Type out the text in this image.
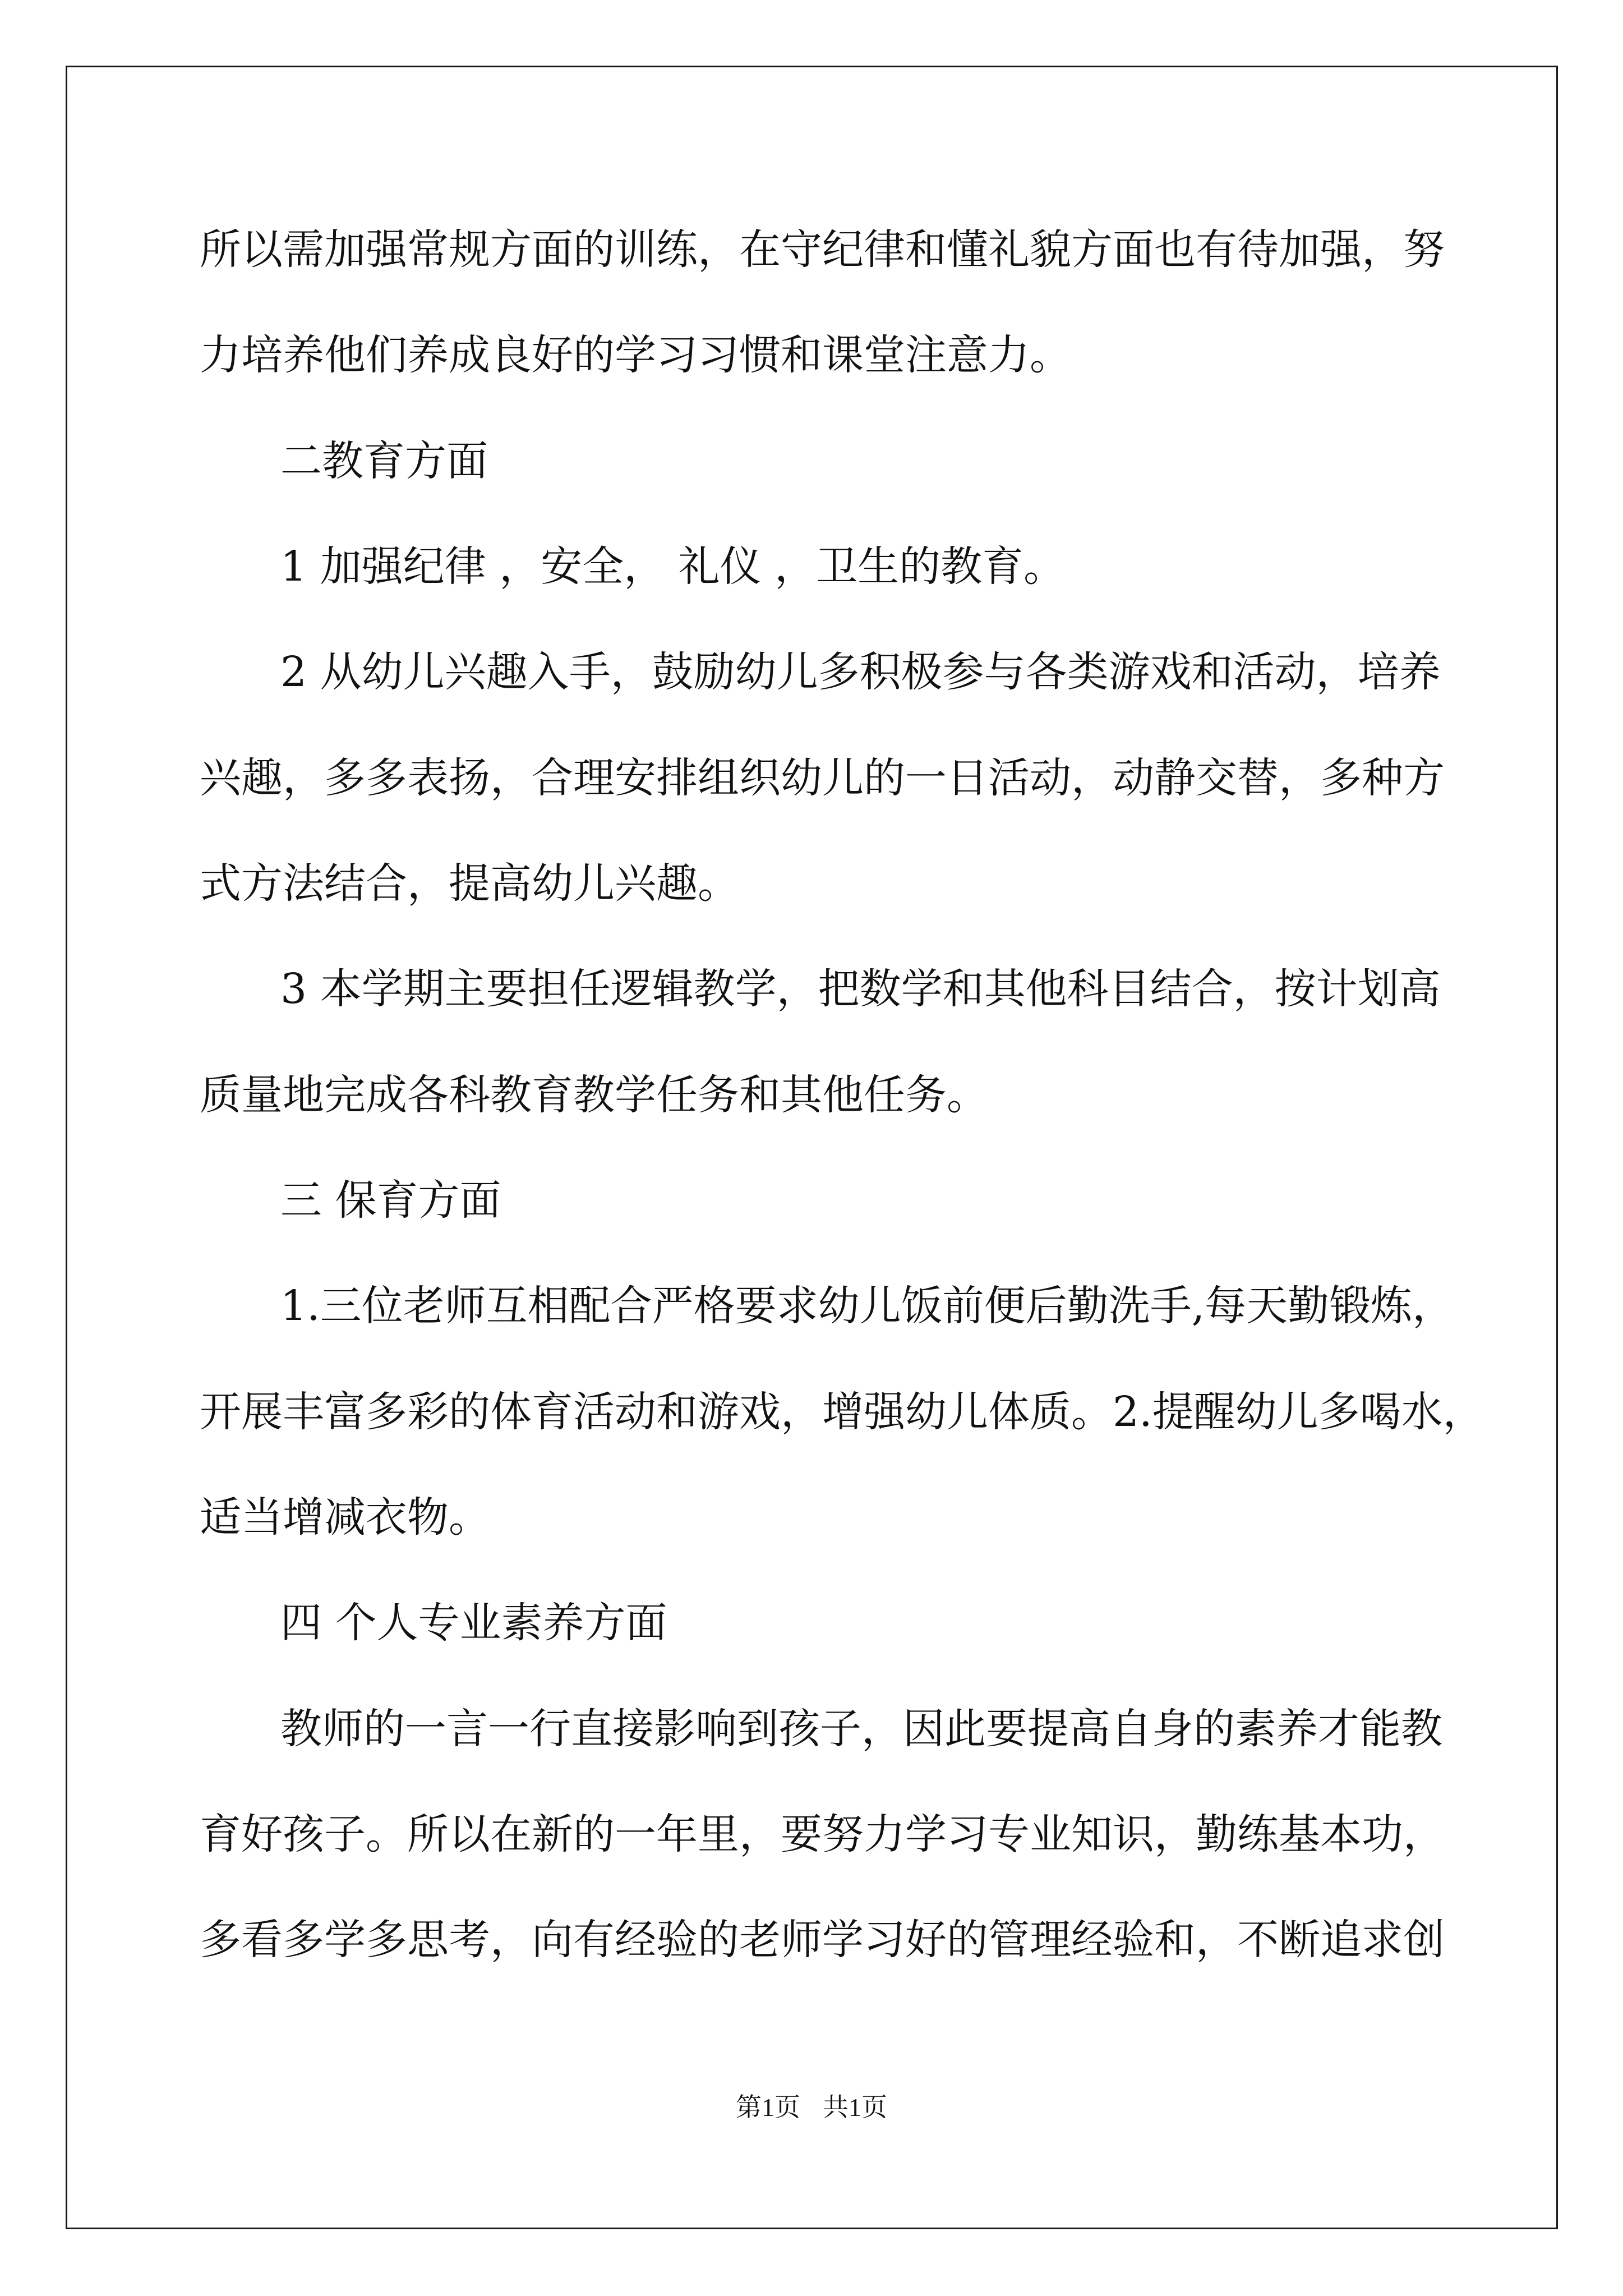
所以需加强常规方面的训练，在守纪律和懂礼貌方面也有待加强，努

力培养他们养成良好的学习习惯和课堂注意力。

二教育方面

1 加强纪律 ，安全， 礼仪 ，卫生的教育。

2 从幼儿兴趣入手，鼓励幼儿多积极参与各类游戏和活动，培养

兴趣，多多表扬，合理安排组织幼儿的一日活动，动静交替，多种方

式方法结合，提高幼儿兴趣。

3 本学期主要担任逻辑教学，把数学和其他科目结合，按计划高

质量地完成各科教育教学任务和其他任务。

三 保育方面

1.三位老师互相配合严格要求幼儿饭前便后勤洗手,每天勤锻炼，

开展丰富多彩的体育活动和游戏，增强幼儿体质。2.提醒幼儿多喝水，

适当增减衣物。

四 个人专业素养方面

教师的一言一行直接影响到孩子，因此要提高自身的素养才能教

育好孩子。所以在新的一年里，要努力学习专业知识，勤练基本功，

多看多学多思考，向有经验的老师学习好的管理经验和，不断追求创

第1页 共1页
